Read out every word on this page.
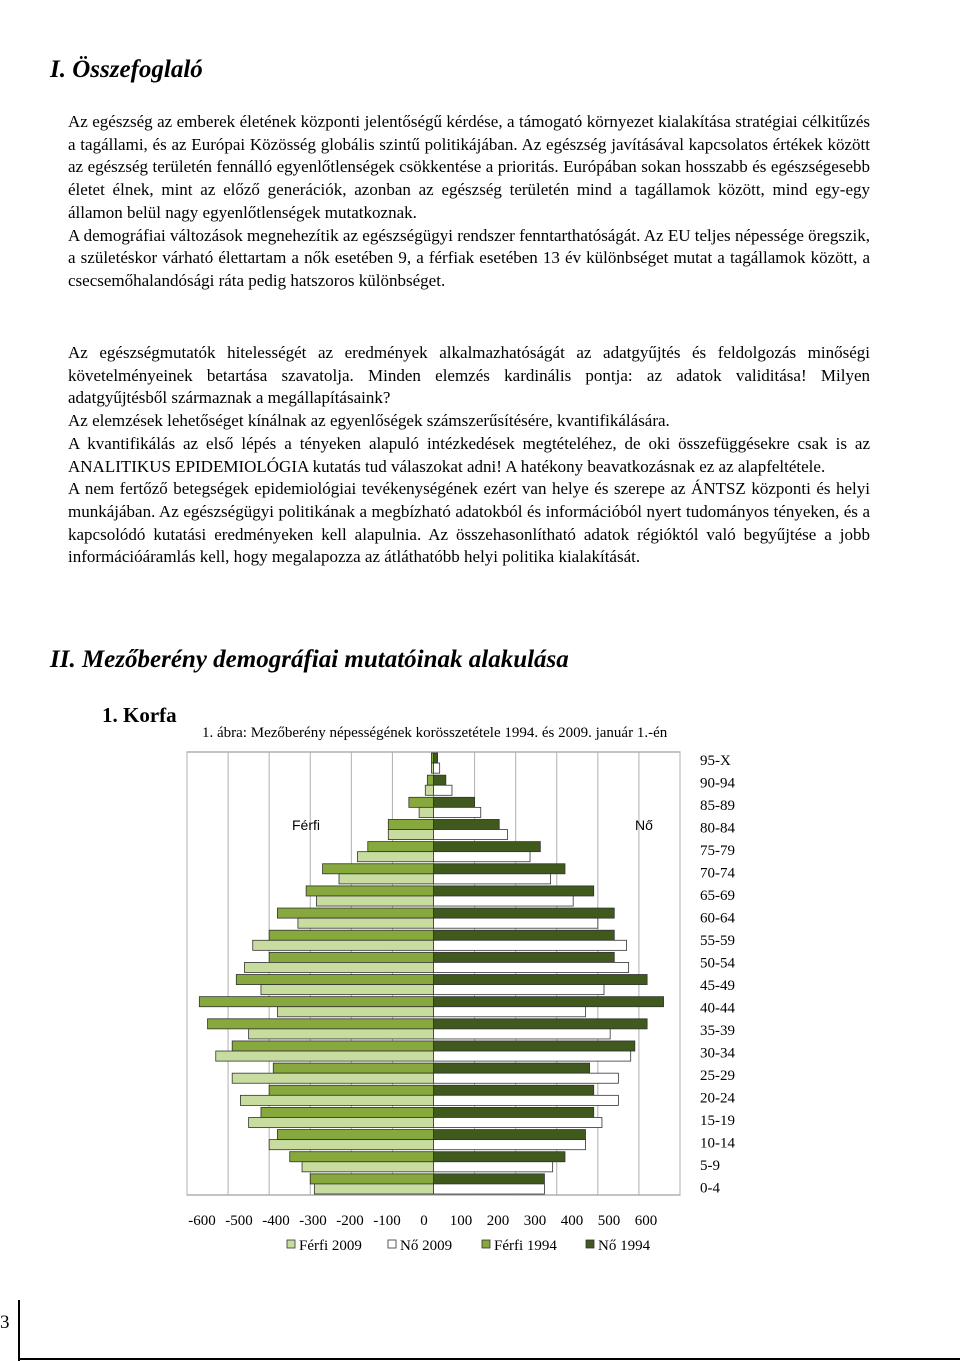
3
I. Összefoglaló

Az egészség az emberek életének központi jelentőségű kérdése, a támogató környezet kialakítása stratégiai célkitűzés a tagállami, és az Európai Közösség globális szintű politikájában. Az egészség javításával kapcsolatos értékek között az egészség területén fennálló egyenlőtlenségek csökkentése a prioritás. Európában sokan hosszabb és egészségesebb életet élnek, mint az előző generációk, azonban az egészség területén mind a tagállamok között, mind egy-egy államon belül nagy egyenlőtlenségek mutatkoznak.

A demográfiai változások megnehezítik az egészségügyi rendszer fenntarthatóságát. Az EU teljes népessége öregszik, a születéskor várható élettartam a nők esetében 9, a férfiak esetében 13 év különbséget mutat a tagállamok között, a csecsemőhalandósági ráta pedig hatszoros különbséget.

Az egészségmutatók hitelességét az eredmények alkalmazhatóságát az adatgyűjtés és feldolgozás minőségi követelményeinek betartása szavatolja. Minden elemzés kardinális pontja: az adatok validitása! Milyen adatgyűjtésből származnak a megállapításaink?

Az elemzések lehetőséget kínálnak az egyenlőségek számszerűsítésére, kvantifikálására.

A kvantifikálás az első lépés a tényeken alapuló intézkedések megtételéhez, de oki összefüggésekre csak is az ANALITIKUS EPIDEMIOLÓGIA kutatás tud válaszokat adni! A hatékony beavatkozásnak ez az alapfeltétele.

A nem fertőző betegségek epidemiológiai tevékenységének ezért van helye és szerepe az ÁNTSZ központi és helyi munkájában. Az egészségügyi politikának a megbízható adatokból és információból nyert tudományos tényeken, és a kapcsolódó kutatási eredményeken kell alapulnia. Az összehasonlítható adatok régióktól való begyűjtése a jobb információáramlás kell, hogy megalapozza az átláthatóbb helyi politika kialakítását.

II. Mezőberény demográfiai mutatóinak alakulása
1. Korfa
1. ábra: Mezőberény népességének korösszetétele 1994. és 2009. január 1.-én
Férfi	Nő
95-X
90-94
85-89
80-84
75-79
70-74
65-69
60-64
55-59
50-54
45-49
40-44
35-39
30-34
25-29
20-24
15-19
10-14
5-9
0-4
-600 -500 -400 -300 -200 -100 0 100 200 300 400 500 600
Férfi 2009	Nő 2009	Férfi 1994	Nő 1994
